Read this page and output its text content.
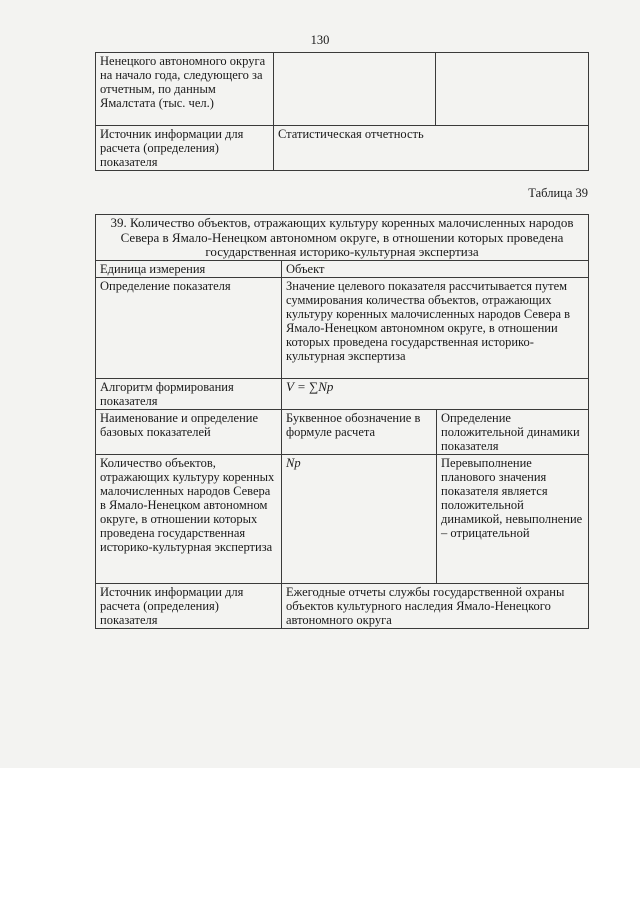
130
Ненецкого автономного округа на начало года, следующего за отчетным, по данным Ямалстата (тыс. чел.)		
Источник информации для расчета (определения) показателя	Статистическая отчетность	
Таблица 39
39. Количество объектов, отражающих культуру коренных малочисленных народов Севера в Ямало-Ненецком автономном округе, в отношении которых проведена государственная историко-культурная экспертиза		
Единица измерения	Объект	
Определение показателя	Значение целевого показателя рассчитывается путем суммирования количества объектов, отражающих культуру коренных малочисленных народов Севера в Ямало-Ненецком автономном округе, в отношении которых проведена государственная историко-культурная экспертиза	
Алгоритм формирования показателя	V = ∑Np	
Наименование и определение базовых показателей	Буквенное обозначение в формуле расчета	Определение положительной динамики показателя
Количество объектов, отражающих культуру коренных малочисленных народов Севера в Ямало-Ненецком автономном округе, в отношении которых проведена государственная историко-культурная экспертиза	Np	Перевыполнение планового значения показателя является положительной динамикой, невыполнение – отрицательной
Источник информации для расчета (определения) показателя	Ежегодные отчеты службы государственной охраны объектов культурного наследия Ямало-Ненецкого автономного округа	
